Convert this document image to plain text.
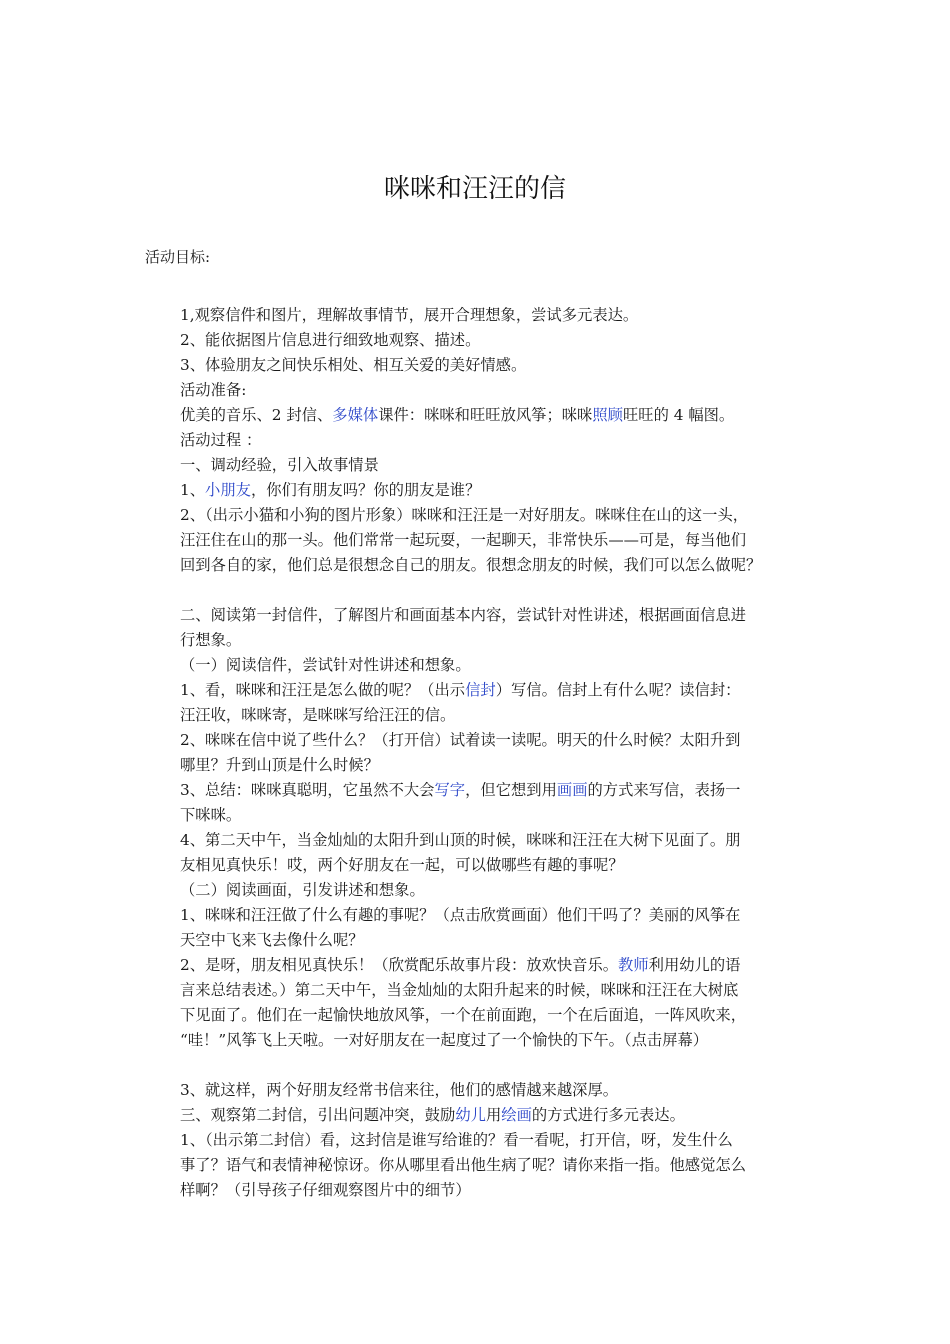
咪咪和汪汪的信
活动目标:
1,观察信件和图片，理解故事情节，展开合理想象，尝试多元表达。
2、能依据图片信息进行细致地观察、描述。
3、体验朋友之间快乐相处、相互关爱的美好情感。
活动准备:
优美的音乐、2 封信、多媒体课件：咪咪和旺旺放风筝；咪咪照顾旺旺的 4 幅图。
活动过程 ：
一、调动经验，引入故事情景
1、小朋友，你们有朋友吗？你的朋友是谁？
2、（出示小猫和小狗的图片形象）咪咪和汪汪是一对好朋友。咪咪住在山的这一头，
汪汪住在山的那一头。他们常常一起玩耍，一起聊天，非常快乐——可是，每当他们
回到各自的家，他们总是很想念自己的朋友。很想念朋友的时候，我们可以怎么做呢？
二、阅读第一封信件，了解图片和画面基本内容，尝试针对性讲述，根据画面信息进
行想象。
（一）阅读信件，尝试针对性讲述和想象。
1、看，咪咪和汪汪是怎么做的呢？（出示信封）写信。信封上有什么呢？读信封：
汪汪收，咪咪寄，是咪咪写给汪汪的信。
2、咪咪在信中说了些什么？（打开信）试着读一读呢。明天的什么时候？太阳升到
哪里？升到山顶是什么时候？
3、总结：咪咪真聪明，它虽然不大会写字，但它想到用画画的方式来写信，表扬一
下咪咪。
4、第二天中午，当金灿灿的太阳升到山顶的时候，咪咪和汪汪在大树下见面了。朋
友相见真快乐！哎，两个好朋友在一起，可以做哪些有趣的事呢？
（二）阅读画面，引发讲述和想象。
1、咪咪和汪汪做了什么有趣的事呢？（点击欣赏画面）他们干吗了？美丽的风筝在
天空中飞来飞去像什么呢？
2、是呀，朋友相见真快乐！（欣赏配乐故事片段：放欢快音乐。教师利用幼儿的语
言来总结表述。）第二天中午，当金灿灿的太阳升起来的时候，咪咪和汪汪在大树底
下见面了。他们在一起愉快地放风筝，一个在前面跑，一个在后面追，一阵风吹来，
“哇！”风筝飞上天啦。一对好朋友在一起度过了一个愉快的下午。（点击屏幕）
3、就这样，两个好朋友经常书信来往，他们的感情越来越深厚。
三、观察第二封信，引出问题冲突，鼓励幼儿用绘画的方式进行多元表达。
1、（出示第二封信）看，这封信是谁写给谁的？看一看呢，打开信，呀，发生什么
事了？语气和表情神秘惊讶。你从哪里看出他生病了呢？请你来指一指。他感觉怎么
样啊？（引导孩子仔细观察图片中的细节）
